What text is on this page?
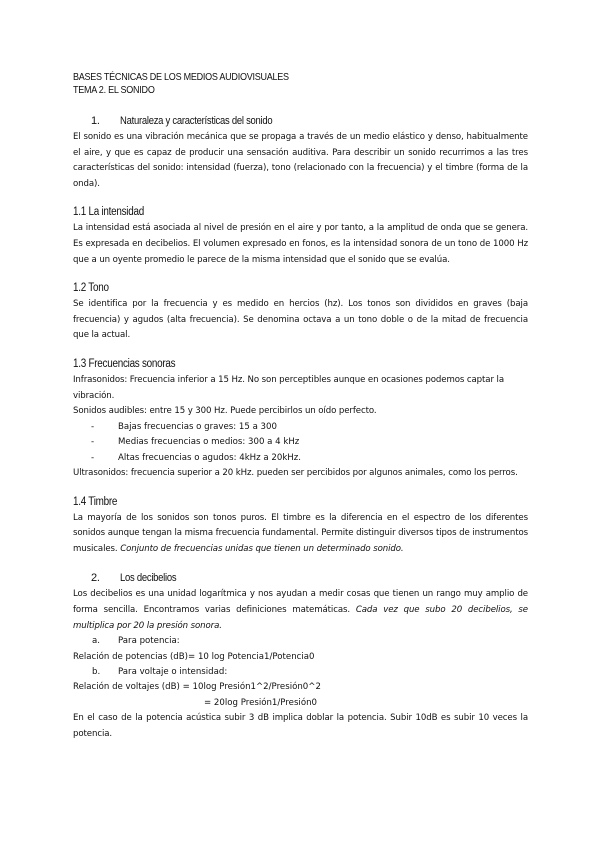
BASES TÉCNICAS DE LOS MEDIOS AUDIOVISUALES
TEMA 2. EL SONIDO
1. Naturaleza y características del sonido

El sonido es una vibración mecánica que se propaga a través de un medio elástico y denso, habitualmente el aire, y que es capaz de producir una sensación auditiva. Para describir un sonido recurrimos a las tres características del sonido: intensidad (fuerza), tono (relacionado con la frecuencia) y el timbre (forma de la onda).

1.1 La intensidad

La intensidad está asociada al nivel de presión en el aire y por tanto, a la amplitud de onda que se genera. Es expresada en decibelios. El volumen expresado en fonos, es la intensidad sonora de un tono de 1000 Hz que a un oyente promedio le parece de la misma intensidad que el sonido que se evalúa.

1.2 Tono

Se identifica por la frecuencia y es medido en hercios (hz). Los tonos son divididos en graves (baja frecuencia) y agudos (alta frecuencia). Se denomina octava a un tono doble o de la mitad de frecuencia que la actual.

1.3 Frecuencias sonoras

Infrasonidos: Frecuencia inferior a 15 Hz. No son perceptibles aunque en ocasiones podemos captar la vibración.

Sonidos audibles: entre 15 y 300 Hz. Puede percibirlos un oído perfecto.

-	Bajas frecuencias o graves: 15 a 300
-	Medias frecuencias o medios: 300 a 4 kHz
-	Altas frecuencias o agudos: 4kHz a 20kHz.

Ultrasonidos: frecuencia superior a 20 kHz. pueden ser percibidos por algunos animales, como los perros.

1.4 Timbre

La mayoría de los sonidos son tonos puros. El timbre es la diferencia en el espectro de los diferentes sonidos aunque tengan la misma frecuencia fundamental. Permite distinguir diversos tipos de instrumentos musicales. Conjunto de frecuencias unidas que tienen un determinado sonido.

2. Los decibelios

Los decibelios es una unidad logarítmica y nos ayudan a medir cosas que tienen un rango muy amplio de forma sencilla. Encontramos varias definiciones matemáticas. Cada vez que subo 20 decibelios, se multiplica por 20 la presión sonora.

a. Para potencia:
Relación de potencias (dB)= 10 log Potencia1/Potencia0
b. Para voltaje o intensidad:
Relación de voltajes (dB) = 10log Presión1^2/Presión0^2
= 20log Presión1/Presión0

En el caso de la potencia acústica subir 3 dB implica doblar la potencia. Subir 10dB es subir 10 veces la potencia.
